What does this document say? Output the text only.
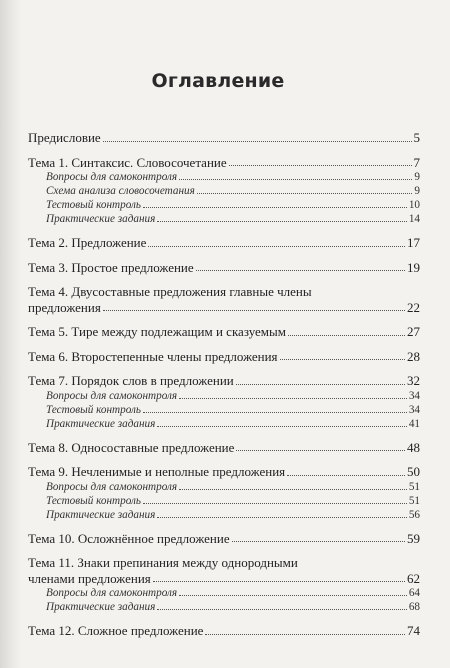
Оглавление
Предисловие	5
Тема 1. Синтаксис. Словосочетание	7
Вопросы для самоконтроля	9
Схема анализа словосочетания	9
Тестовый контроль	10
Практические задания	14
Тема 2. Предложение	17
Тема 3. Простое предложение	19
Тема 4. Двусоставные предложения главные члены
предложения	22
Тема 5. Тире между подлежащим и сказуемым	27
Тема 6. Второстепенные члены предложения	28
Тема 7. Порядок слов в предложении	32
Вопросы для самоконтроля	34
Тестовый контроль	34
Практические задания	41
Тема 8. Односоставные предложение	48
Тема 9. Нечленимые и неполные предложения	50
Вопросы для самоконтроля	51
Тестовый контроль	51
Практические задания	56
Тема 10. Осложнённое предложение	59
Тема 11. Знаки препинания между однородными
членами предложения	62
Вопросы для самоконтроля	64
Практические задания	68
Тема 12. Сложное предложение	74
